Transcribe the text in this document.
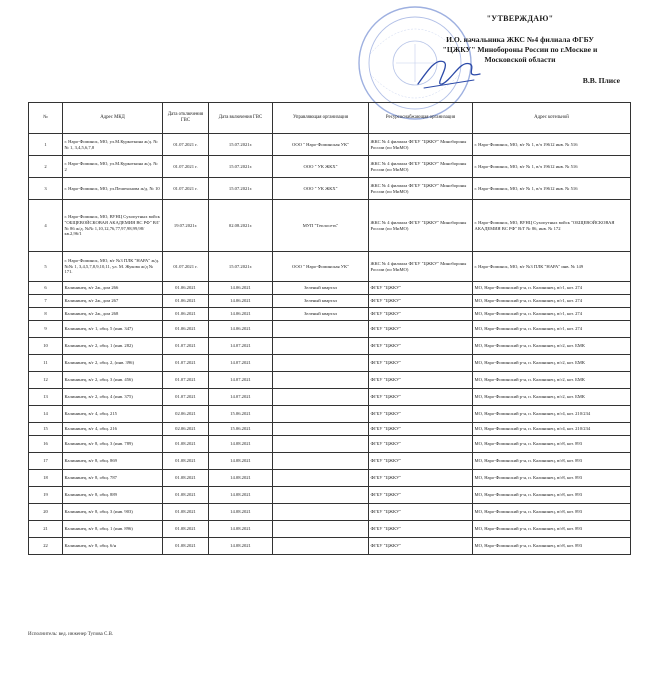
"УТВЕРЖДАЮ"
И.О. начальника ЖКС №4 филиала ФГБУ
"ЦЖКУ" Минобороны России по г.Москве и
Московской области
В.В. Плисе
№	Адрес МКД	Дата отключения ГВС	Дата включения ГВС	Управляющая организация	Ресурсоснабжающая организация	Адрес котельной
1	г. Наро-Фоминск, МО, ул.М.Куркоткина ж/д. №№ 1, 3,4,5,6,7,8	01.07.2021 г.	15.07.2021г.	ООО " Наро-Фоминская УК"	ЖКС № 4 филиала ФГБУ "ЦЖКУ" Минобороны России (по МиМО)	г. Наро-Фоминск, МО, в/г № 1, в/ч 19612 инв. № 516
2	г. Наро-Фоминск, МО, ул.М.Куркоткина ж/д. № 2	01.07.2021 г.	15.07.2021г.	ООО " УК ЖКХ"	ЖКС № 4 филиала ФГБУ "ЦЖКУ" Минобороны России (по МиМО)	г. Наро-Фоминск, МО, в/г № 1, в/ч 19612 инв. № 516
3	г. Наро-Фоминск, МО, ул.Пешехонова ж/д. № 10	01.07.2021 г.	15.07.2021г.	ООО " УК ЖКХ"	ЖКС № 4 филиала ФГБУ "ЦЖКУ" Минобороны России (по МиМО)	г. Наро-Фоминск, МО, в/г № 1, в/ч 19612 инв. № 516
4	г. Наро-Фоминск, МО, ВУНЦ Сухопутных войск "ОБЩЕВОЙСКОВАЯ АКАДЕМИЯ ВС РФ" В/Г № 86 ж/д. №№ 1,10,12,76,77,97,98,99,98/кв.2,96/1	19.07.2021г.	02.08.2021г.	МУП "Теплосеть"	ЖКС № 4 филиала ФГБУ "ЦЖКУ" Минобороны России (по МиМО)	г. Наро-Фоминск, МО, ВУНЦ Сухопутных войск "ОБЩЕВОЙСКОВАЯ АКАДЕМИЯ ВС РФ" В/Г № 86, инв. № 172
5	г. Наро-Фоминск, МО, в/г №3 ПЛК "НАРА" ж/д. №№ 1, 3,4,5,7,8,9,10,11, ул. М. Жукова ж/д № 171.	01.07.2021 г.	15.07.2021г.	ООО " Наро-Фоминская УК"	ЖКС № 4 филиала ФГБУ "ЦЖКУ" Минобороны России (по МиМО)	г. Наро-Фоминск, МО, в/г №3 ПЛК "НАРА" инв. № 149
6	Калининец, в/г 2ж, дом 266	01.06.2021	14.06.2021	Зеленый квартал	ФГБУ "ЦЖКУ"	МО, Наро-Фоминский р-н, п. Калининец, в/г1, кот. 274
7	Калининец, в/г 2ж, дом 267	01.06.2021	14.06.2021	Зеленый квартал	ФГБУ "ЦЖКУ"	МО, Наро-Фоминский р-н, п. Калининец, в/г1, кот. 274
8	Калининец, в/г 2ж, дом 268	01.06.2021	14.06.2021	Зеленый квартал	ФГБУ "ЦЖКУ"	МО, Наро-Фоминский р-н, п. Калининец, в/г1, кот. 274
9	Калининец, в/г 1, общ. 5 (инв. 347)	01.06.2021	14.06.2021		ФГБУ "ЦЖКУ"	МО, Наро-Фоминский р-н, п. Калининец, в/г1, кот. 274
10	Калининец, в/г 2, общ. 1 (инв. 282)	01.07.2021	14.07.2021		ФГБУ "ЦЖКУ"	МО, Наро-Фоминский р-н, п. Калининец, в/г2, кот. БМК
11	Калининец, в/г 2, общ. 2, (инв. 396)	01.07.2021	14.07.2021		ФГБУ "ЦЖКУ"	МО, Наро-Фоминский р-н, п. Калининец, в/г2, кот. БМК
12	Калининец, в/г 2, общ. 3 (инв. 456)	01.07.2021	14.07.2021		ФГБУ "ЦЖКУ"	МО, Наро-Фоминский р-н, п. Калининец, в/г2, кот. БМК
13	Калининец, в/г 2, общ. 4 (инв. 375)	01.07.2021	14.07.2021		ФГБУ "ЦЖКУ"	МО, Наро-Фоминский р-н, п. Калининец, в/г2, кот. БМК
14	Калининец, в/г 4, общ. 215	02.06.2021	15.06.2021		ФГБУ "ЦЖКУ"	МО, Наро-Фоминский р-н, п. Калининец, в/г4, кот. 210/234
15	Калининец, в/г 4, общ. 216	02.06.2021	15.06.2021		ФГБУ "ЦЖКУ"	МО, Наро-Фоминский р-н, п. Калининец, в/г4, кот. 210/234
16	Калининец, в/г 8, общ. 3 (инв. 789)	01.08.2021	14.08.2021		ФГБУ "ЦЖКУ"	МО, Наро-Фоминский р-н, п. Калининец, в/г8, кот. 893
17	Калининец, в/г 8, общ. 869	01.08.2021	14.08.2021		ФГБУ "ЦЖКУ"	МО, Наро-Фоминский р-н, п. Калининец, в/г8, кот. 893
18	Калининец, в/г 8, общ. 787	01.08.2021	14.08.2021		ФГБУ "ЦЖКУ"	МО, Наро-Фоминский р-н, п. Калининец, в/г8, кот. 893
19	Калининец, в/г 8, общ. 889	01.08.2021	14.08.2021		ФГБУ "ЦЖКУ"	МО, Наро-Фоминский р-н, п. Калининец, в/г8, кот. 893
20	Калининец, в/г 8, общ. 3 (инв. 903)	01.08.2021	14.08.2021		ФГБУ "ЦЖКУ"	МО, Наро-Фоминский р-н, п. Калининец, в/г8, кот. 893
21	Калининец, в/г 8, общ. 1 (инв. 896)	01.08.2021	14.08.2021		ФГБУ "ЦЖКУ"	МО, Наро-Фоминский р-н, п. Калининец, в/г8, кот. 893
22	Калининец, в/г 8, общ. 6/н	01.08.2021	14.08.2021		ФГБУ "ЦЖКУ"	МО, Наро-Фоминский р-н, п. Калининец, в/г8, кот. 893
Исполнитель: вед. инженер Тупова С.В.
